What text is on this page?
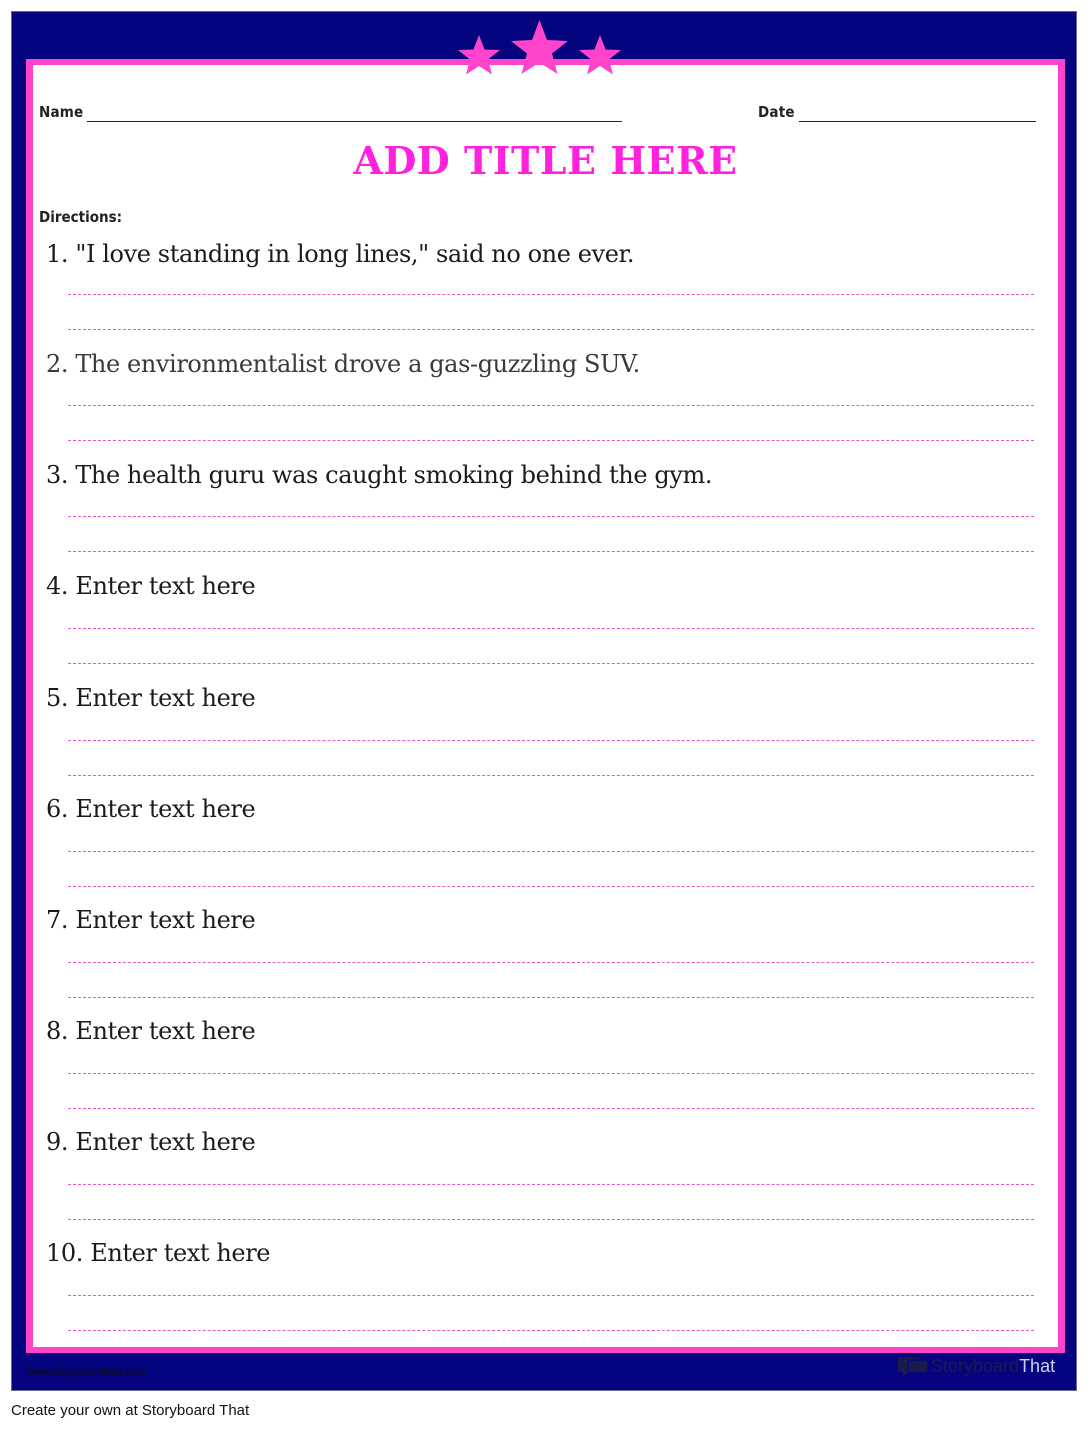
Name	Date
ADD TITLE HERE
Directions:
1. "I love standing in long lines," said no one ever.
2. The environmentalist drove a gas-guzzling SUV.
3. The health guru was caught smoking behind the gym.
4. Enter text here
5. Enter text here
6. Enter text here
7. Enter text here
8. Enter text here
9. Enter text here
10. Enter text here
www.storyboardthat.com	Storyboard That
Create your own at Storyboard That
